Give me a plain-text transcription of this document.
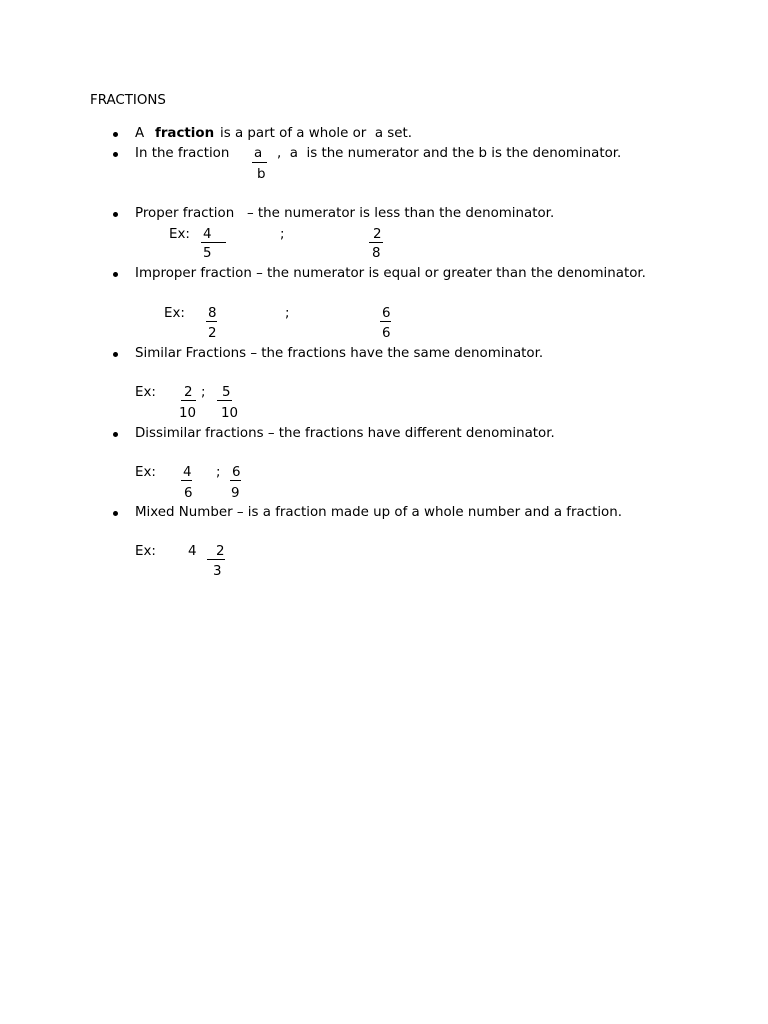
FRACTIONS
A fraction is a part of a whole or  a set.
In the fraction a
b
,  a  is the numerator and the b is the denominator.
Proper fraction   – the numerator is less than the denominator.
Ex: 4
5
;	2
8
Improper fraction – the numerator is equal or greater than the denominator.
Ex: 8
2
;	6
6
Similar Fractions – the fractions have the same denominator.
Ex: 2
10
; 5
10
Dissimilar fractions – the fractions have different denominator.
Ex: 4
6
; 6
9
Mixed Number – is a fraction made up of a whole number and a fraction.
Ex: 4 2
3
